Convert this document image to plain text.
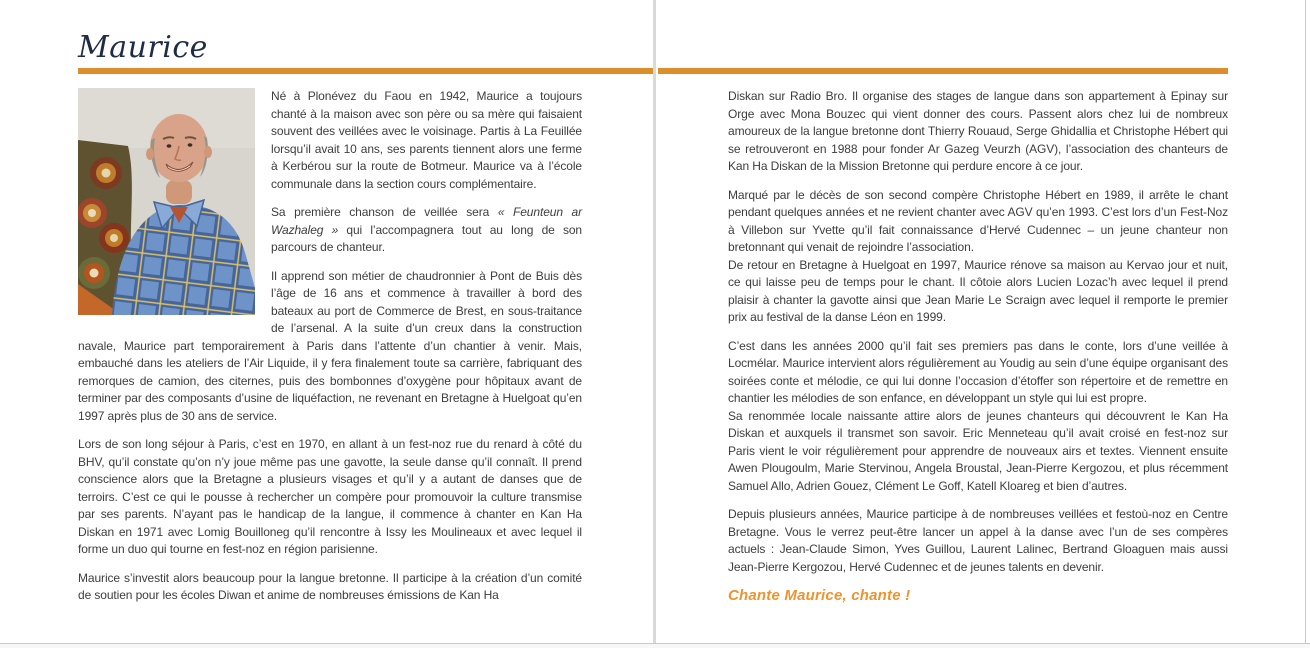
Maurice

Né à Plonévez du Faou en 1942, Maurice a toujours chanté à la maison avec son père ou sa mère qui faisaient souvent des veillées avec le voisinage. Partis à La Feuillée lorsqu’il avait 10 ans, ses parents tiennent alors une ferme à Kerbérou sur la route de Botmeur. Maurice va à l’école communale dans la section cours complémentaire.

Sa première chanson de veillée sera « Feunteun ar Wazhaleg » qui l’accompagnera tout au long de son parcours de chanteur.

Il apprend son métier de chaudronnier à Pont de Buis dès l’âge de 16 ans et commence à travailler à bord des bateaux au port de Commerce de Brest, en sous-traitance de l’arsenal. A la suite d’un creux dans la construction navale, Maurice part temporairement à Paris dans l’attente d’un chantier à venir. Mais, embauché dans les ateliers de l’Air Liquide, il y fera finalement toute sa carrière, fabriquant des remorques de camion, des citernes, puis des bombonnes d’oxygène pour hôpitaux avant de terminer par des composants d’usine de liquéfaction, ne revenant en Bretagne à Huelgoat qu’en 1997 après plus de 30 ans de service.

Lors de son long séjour à Paris, c’est en 1970, en allant à un fest-noz rue du renard à côté du BHV, qu’il constate qu’on n’y joue même pas une gavotte, la seule danse qu’il connaît. Il prend conscience alors que la Bretagne a plusieurs visages et qu’il y a autant de danses que de terroirs. C’est ce qui le pousse à rechercher un compère pour promouvoir la culture transmise par ses parents. N’ayant pas le handicap de la langue, il commence à chanter en Kan Ha Diskan en 1971 avec Lomig Bouilloneg qu’il rencontre à Issy les Moulineaux et avec lequel il forme un duo qui tourne en fest-noz en région parisienne.

Maurice s’investit alors beaucoup pour la langue bretonne. Il participe à la création d’un comité de soutien pour les écoles Diwan et anime de nombreuses émissions de Kan Ha

Diskan sur Radio Bro. Il organise des stages de langue dans son appartement à Epinay sur Orge avec Mona Bouzec qui vient donner des cours. Passent alors chez lui de nombreux amoureux de la langue bretonne dont Thierry Rouaud, Serge Ghidallia et Christophe Hébert qui se retrouveront en 1988 pour fonder Ar Gazeg Veurzh (AGV), l’association des chanteurs de Kan Ha Diskan de la Mission Bretonne qui perdure encore à ce jour.

Marqué par le décès de son second compère Christophe Hébert en 1989, il arrête le chant pendant quelques années et ne revient chanter avec AGV qu’en 1993. C’est lors d’un Fest-Noz à Villebon sur Yvette qu’il fait connaissance d’Hervé Cudennec – un jeune chanteur non bretonnant qui venait de rejoindre l’association.

De retour en Bretagne à Huelgoat en 1997, Maurice rénove sa maison au Kervao jour et nuit, ce qui laisse peu de temps pour le chant. Il côtoie alors Lucien Lozac’h avec lequel il prend plaisir à chanter la gavotte ainsi que Jean Marie Le Scraign avec lequel il remporte le premier prix au festival de la danse Léon en 1999.

C’est dans les années 2000 qu’il fait ses premiers pas dans le conte, lors d’une veillée à Locmélar. Maurice intervient alors régulièrement au Youdig au sein d’une équipe organisant des soirées conte et mélodie, ce qui lui donne l’occasion d’étoffer son répertoire et de remettre en chantier les mélodies de son enfance, en développant un style qui lui est propre.

Sa renommée locale naissante attire alors de jeunes chanteurs qui découvrent le Kan Ha Diskan et auxquels il transmet son savoir. Eric Menneteau qu’il avait croisé en fest-noz sur Paris vient le voir régulièrement pour apprendre de nouveaux airs et textes. Viennent ensuite Awen Plougoulm, Marie Stervinou, Angela Broustal, Jean-Pierre Kergozou, et plus récemment Samuel Allo, Adrien Gouez, Clément Le Goff, Katell Kloareg et bien d’autres.

Depuis plusieurs années, Maurice participe à de nombreuses veillées et festoù-noz en Centre Bretagne. Vous le verrez peut-être lancer un appel à la danse avec l’un de ses compères actuels : Jean-Claude Simon, Yves Guillou, Laurent Lalinec, Bertrand Gloaguen mais aussi Jean-Pierre Kergozou, Hervé Cudennec et de jeunes talents en devenir.

Chante Maurice, chante !
